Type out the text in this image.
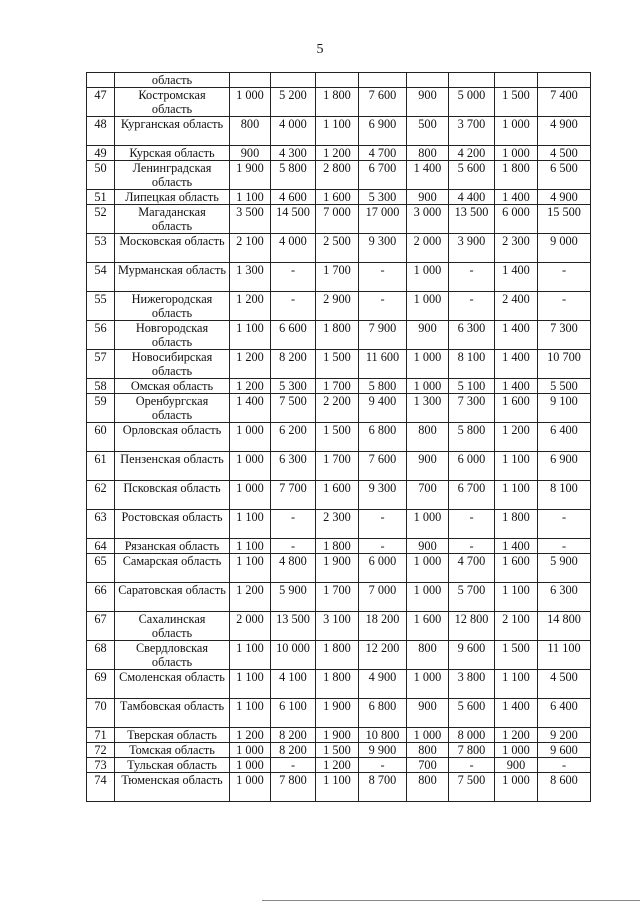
5
	область								
47	Костромская область	1 000	5 200	1 800	7 600	900	5 000	1 500	7 400
48	Курганская область	800	4 000	1 100	6 900	500	3 700	1 000	4 900
49	Курская область	900	4 300	1 200	4 700	800	4 200	1 000	4 500
50	Ленинградская область	1 900	5 800	2 800	6 700	1 400	5 600	1 800	6 500
51	Липецкая область	1 100	4 600	1 600	5 300	900	4 400	1 400	4 900
52	Магаданская область	3 500	14 500	7 000	17 000	3 000	13 500	6 000	15 500
53	Московская область	2 100	4 000	2 500	9 300	2 000	3 900	2 300	9 000
54	Мурманская область	1 300	-	1 700	-	1 000	-	1 400	-
55	Нижегородская область	1 200	-	2 900	-	1 000	-	2 400	-
56	Новгородская область	1 100	6 600	1 800	7 900	900	6 300	1 400	7 300
57	Новосибирская область	1 200	8 200	1 500	11 600	1 000	8 100	1 400	10 700
58	Омская область	1 200	5 300	1 700	5 800	1 000	5 100	1 400	5 500
59	Оренбургская область	1 400	7 500	2 200	9 400	1 300	7 300	1 600	9 100
60	Орловская область	1 000	6 200	1 500	6 800	800	5 800	1 200	6 400
61	Пензенская область	1 000	6 300	1 700	7 600	900	6 000	1 100	6 900
62	Псковская область	1 000	7 700	1 600	9 300	700	6 700	1 100	8 100
63	Ростовская область	1 100	-	2 300	-	1 000	-	1 800	-
64	Рязанская область	1 100	-	1 800	-	900	-	1 400	-
65	Самарская область	1 100	4 800	1 900	6 000	1 000	4 700	1 600	5 900
66	Саратовская область	1 200	5 900	1 700	7 000	1 000	5 700	1 100	6 300
67	Сахалинская область	2 000	13 500	3 100	18 200	1 600	12 800	2 100	14 800
68	Свердловская область	1 100	10 000	1 800	12 200	800	9 600	1 500	11 100
69	Смоленская область	1 100	4 100	1 800	4 900	1 000	3 800	1 100	4 500
70	Тамбовская область	1 100	6 100	1 900	6 800	900	5 600	1 400	6 400
71	Тверская область	1 200	8 200	1 900	10 800	1 000	8 000	1 200	9 200
72	Томская область	1 000	8 200	1 500	9 900	800	7 800	1 000	9 600
73	Тульская область	1 000	-	1 200	-	700	-	900	-
74	Тюменская область	1 000	7 800	1 100	8 700	800	7 500	1 000	8 600
